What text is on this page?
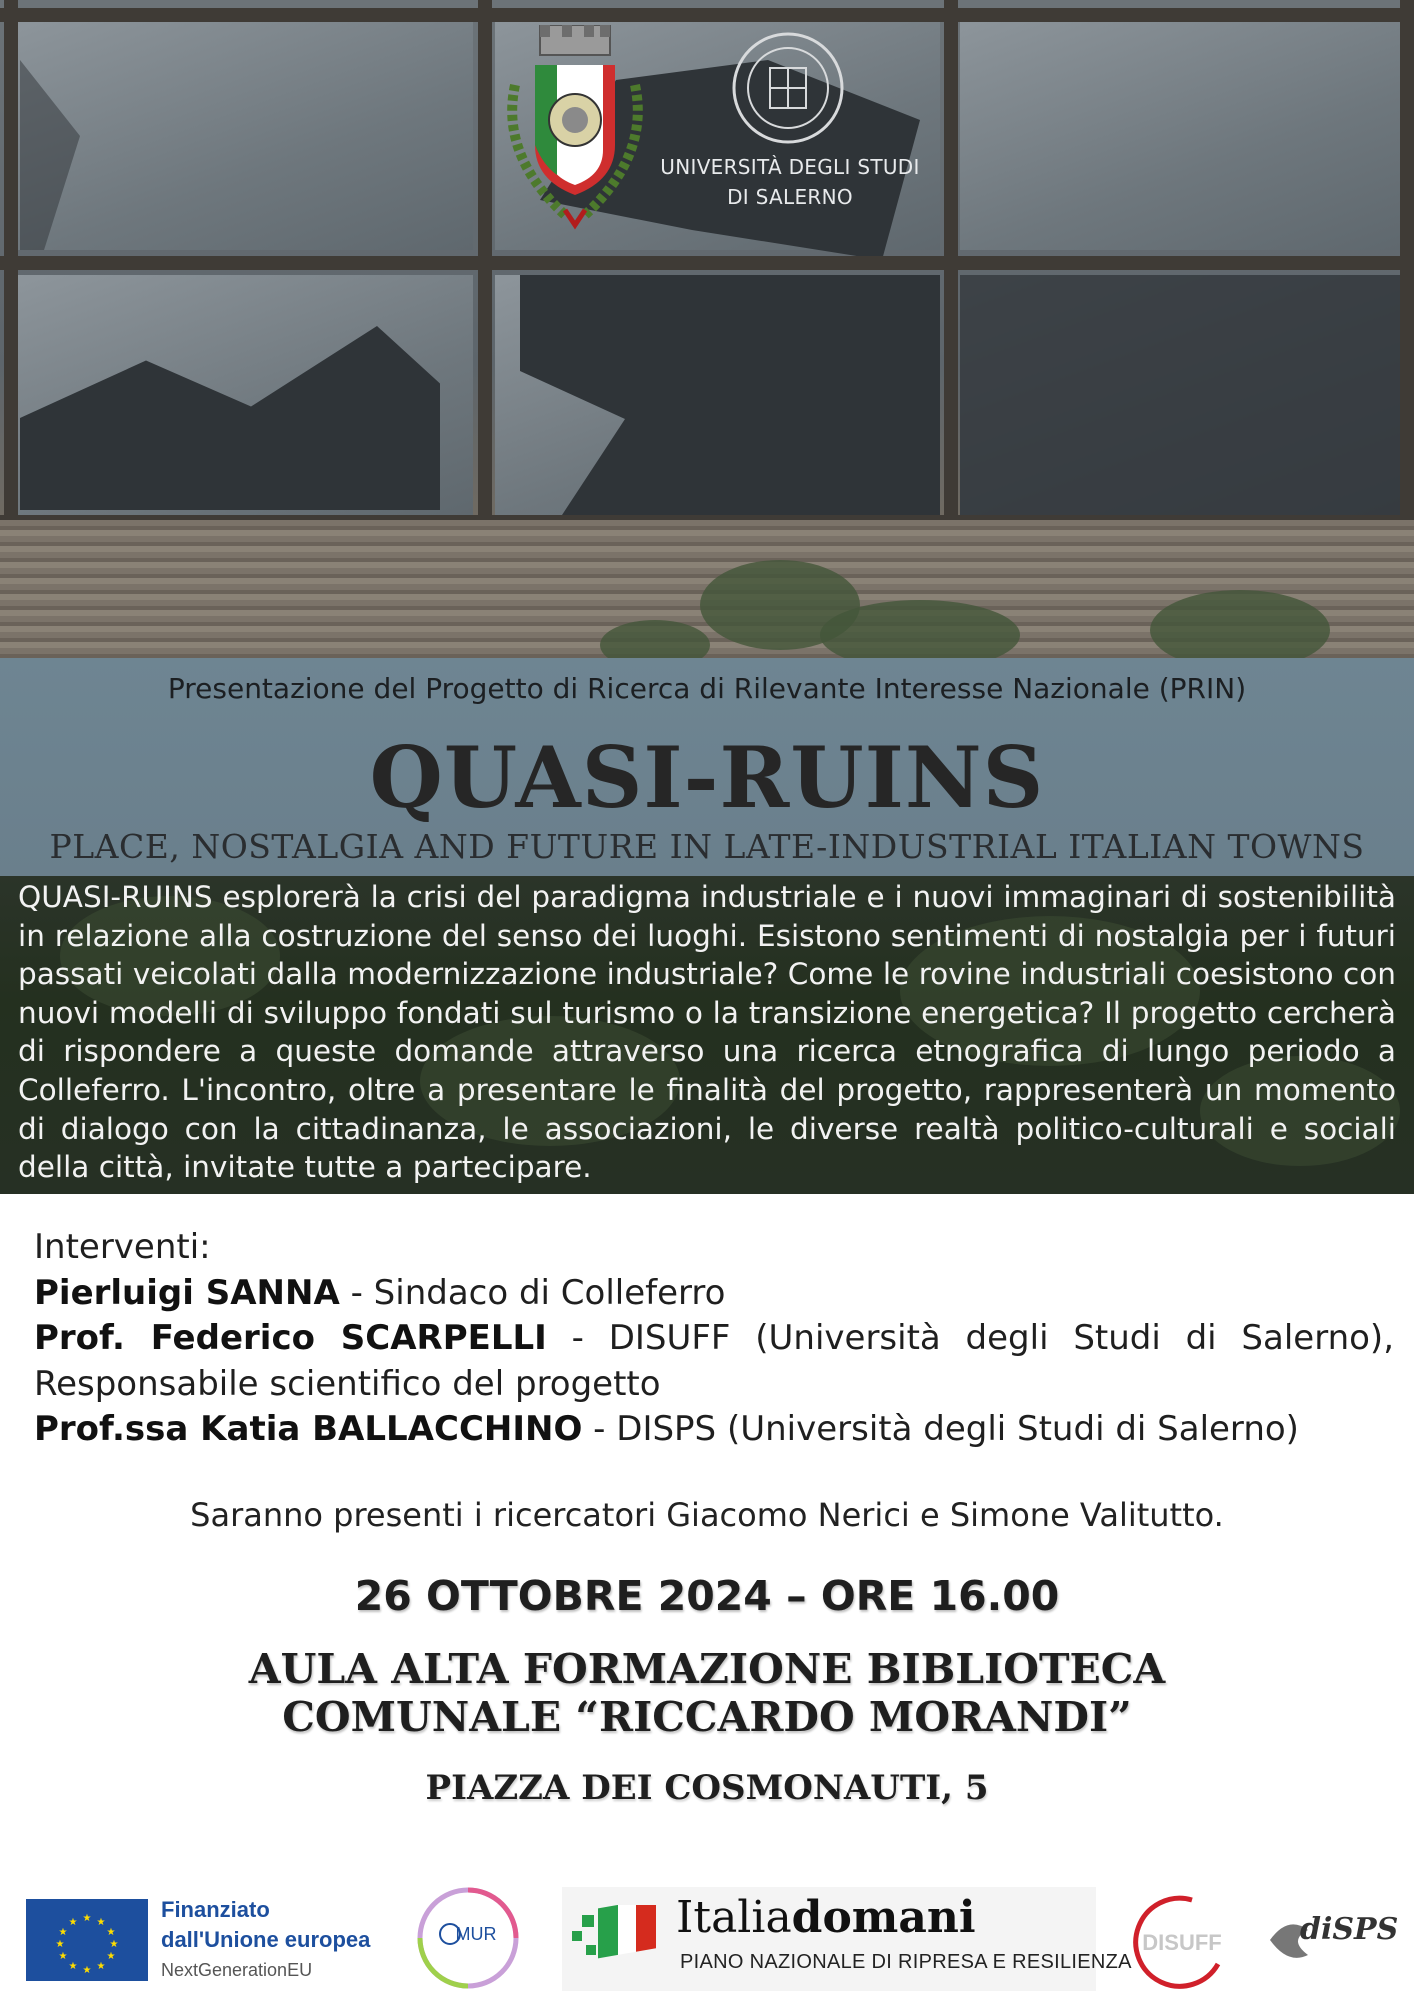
UNIVERSITÀ DEGLI STUDI
DI SALERNO
Presentazione del Progetto di Ricerca di Rilevante Interesse Nazionale (PRIN)
QUASI-RUINS
PLACE, NOSTALGIA AND FUTURE IN LATE-INDUSTRIAL ITALIAN TOWNS
QUASI-RUINS esplorerà la crisi del paradigma industriale e i nuovi immaginari di sostenibilità in relazione alla costruzione del senso dei luoghi. Esistono sentimenti di nostalgia per i futuri passati veicolati dalla modernizzazione industriale? Come le rovine industriali coesistono con nuovi modelli di sviluppo fondati sul turismo o la transizione energetica? Il progetto cercherà di rispondere a queste domande attraverso una ricerca etnografica di lungo periodo a Colleferro. L'incontro, oltre a presentare le finalità del progetto, rappresenterà un momento di dialogo con la cittadinanza, le associazioni, le diverse realtà politico-culturali e sociali della città, invitate tutte a partecipare.
Interventi:
Pierluigi SANNA - Sindaco di Colleferro
Prof. Federico SCARPELLI - DISUFF (Università degli Studi di Salerno), Responsabile scientifico del progetto
Prof.ssa Katia BALLACCHINO - DISPS (Università degli Studi di Salerno)
Saranno presenti i ricercatori Giacomo Nerici e Simone Valitutto.
26 OTTOBRE 2024 – ORE 16.00
AULA ALTA FORMAZIONE BIBLIOTECA
COMUNALE “RICCARDO MORANDI”
PIAZZA DEI COSMONAUTI, 5
★ ★
★
★
★
★
★
★
★
★
★
★
Finanziato
dall'Unione europea
NextGenerationEU
MUR	Italiadomani
PIANO NAZIONALE DI RIPRESA E RESILIENZA
DISUFF	diSPS
